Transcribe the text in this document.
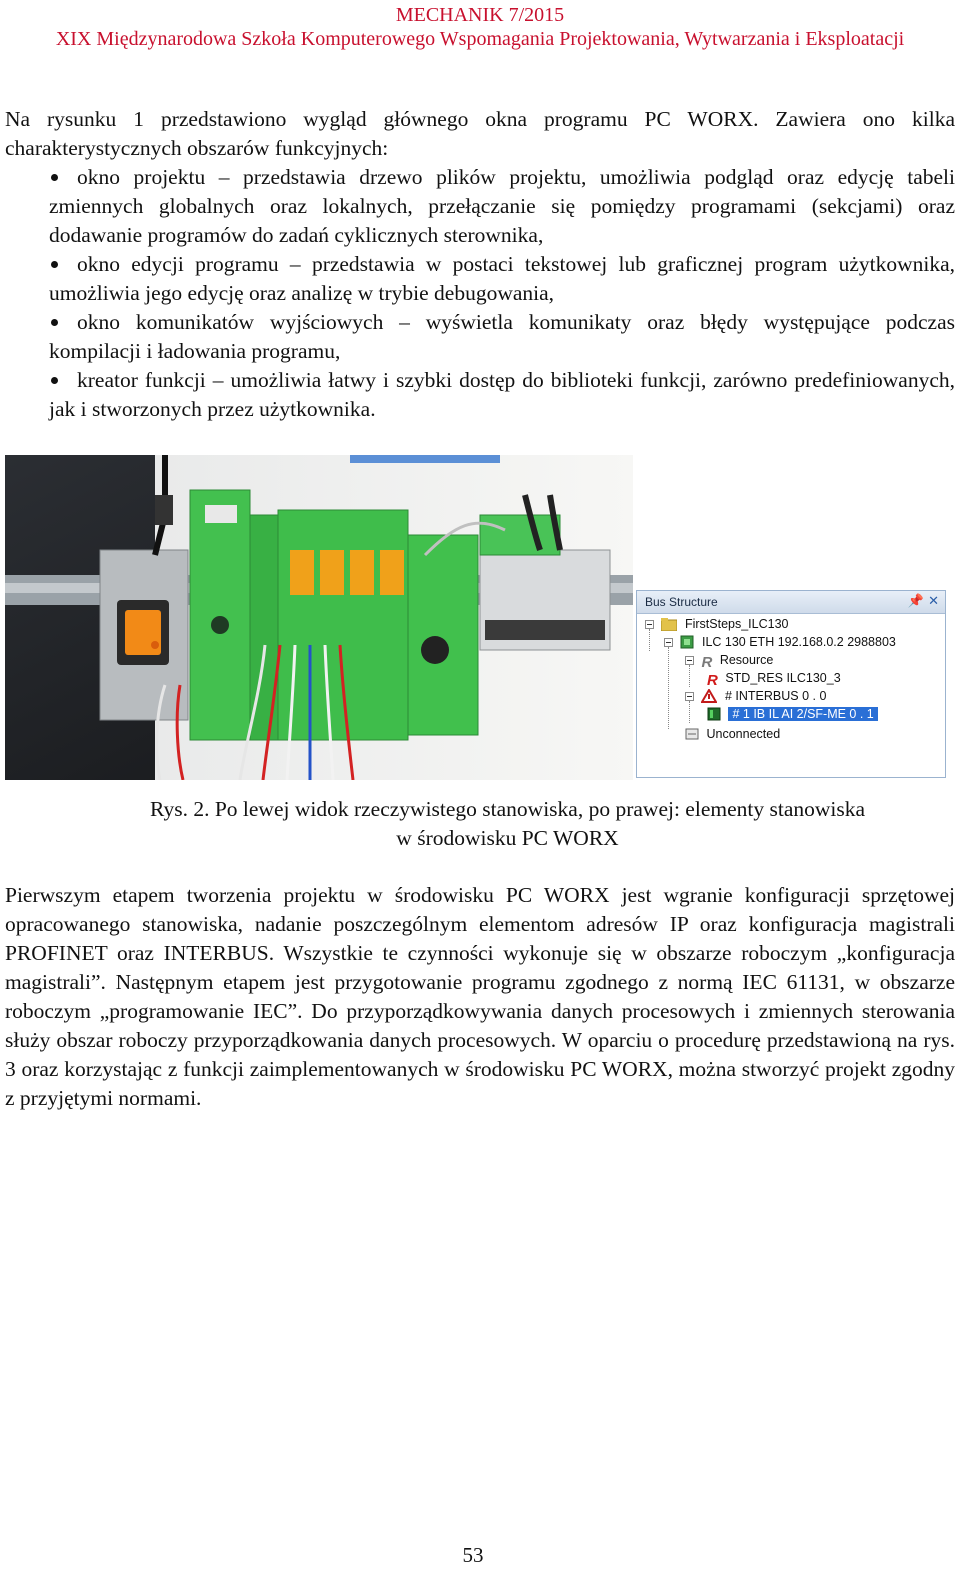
MECHANIK 7/2015
XIX Międzynarodowa Szkoła Komputerowego Wspomagania Projektowania, Wytwarzania i Eksploatacji
Na rysunku 1 przedstawiono wygląd głównego okna programu PC WORX. Zawiera ono kilka charakterystycznych obszarów funkcyjnych:
okno projektu – przedstawia drzewo plików projektu, umożliwia podgląd oraz edycję tabeli zmiennych globalnych oraz lokalnych, przełączanie się pomiędzy programami (sekcjami) oraz dodawanie programów do zadań cyklicznych sterownika,
okno edycji programu – przedstawia w postaci tekstowej lub graficznej program użytkownika, umożliwia jego edycję oraz analizę w trybie debugowania,
okno komunikatów wyjściowych – wyświetla komunikaty oraz błędy występujące podczas kompilacji i ładowania programu,
kreator funkcji – umożliwia łatwy i szybki dostęp do biblioteki funkcji, zarówno predefiniowanych, jak i stworzonych przez użytkownika.
Bus Structure	📌 ✕
FirstSteps_ILC130
ILC 130 ETH 192.168.0.2 2988803
R Resource
R STD_RES ILC130_3
# INTERBUS 0 . 0
# 1 IB IL AI 2/SF-ME 0 . 1
Unconnected
Rys. 2. Po lewej widok rzeczywistego stanowiska, po prawej: elementy stanowiska
w środowisku PC WORX
Pierwszym etapem tworzenia projektu w środowisku PC WORX jest wgranie konfiguracji sprzętowej opracowanego stanowiska, nadanie poszczególnym elementom adresów IP oraz konfiguracja magistrali PROFINET oraz INTERBUS. Wszystkie te czynności wykonuje się w obszarze roboczym „konfiguracja magistrali”. Następnym etapem jest przygotowanie programu zgodnego z normą IEC 61131, w obszarze roboczym „programowanie IEC”. Do przyporządkowywania danych procesowych i zmiennych sterowania służy obszar roboczy przyporządkowania danych procesowych. W oparciu o procedurę przedstawioną na rys. 3 oraz korzystając z funkcji zaimplementowanych w środowisku PC WORX, można stworzyć projekt zgodny z przyjętymi normami.
53
